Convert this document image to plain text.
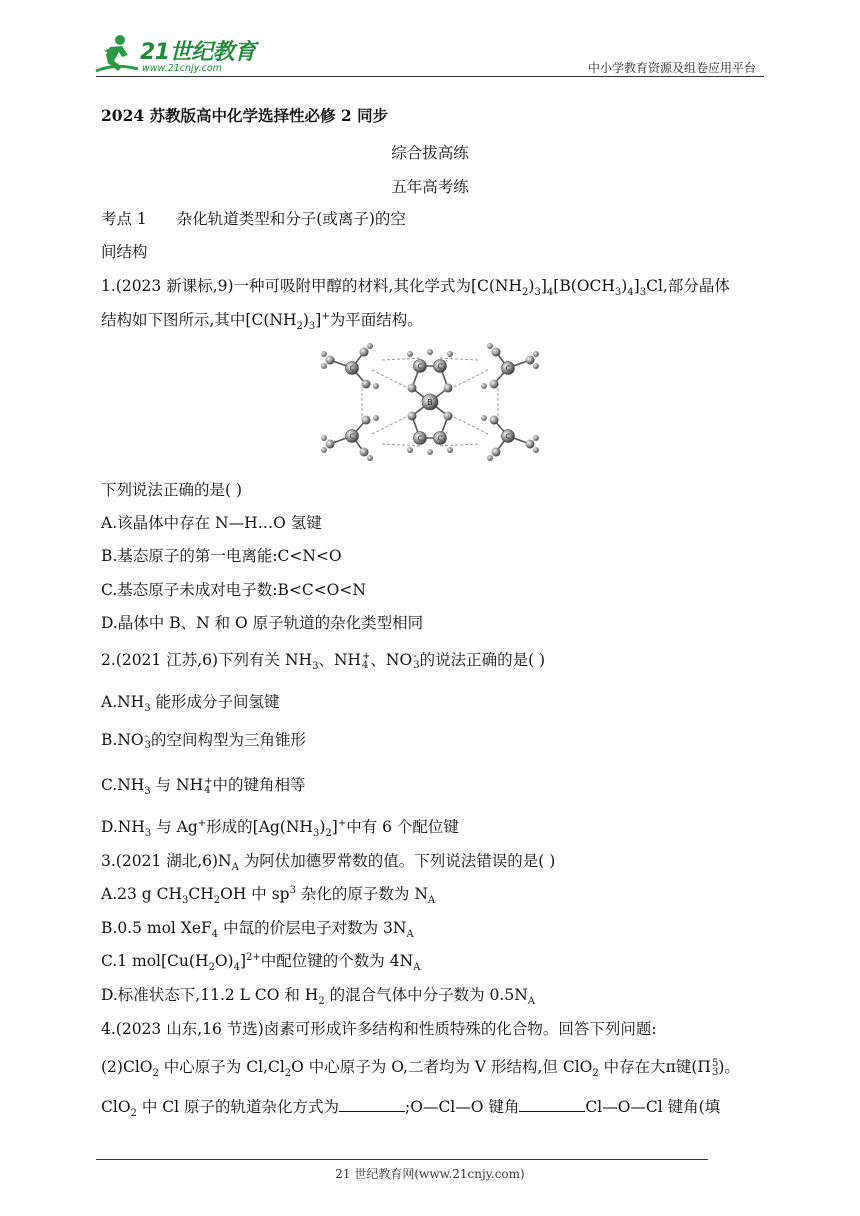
21世纪教育
www.21cnjy.com	中小学教育资源及组卷应用平台
2024 苏教版高中化学选择性必修 2 同步
综合拔高练
五年高考练
考点 1 杂化轨道类型和分子(或离子)的空
间结构
1.(2023 新课标,9)一种可吸附甲醇的材料,其化学式为$[C(NH_2)_3]_4[B(OCH_3)_4]_3Cl$,部分晶体
结构如下图所示,其中$[C(NH_2)_3]^+$为平面结构。
C
C
C
C
C C
C C
B
下列说法正确的是( )
A.该晶体中存在 N—H…O 氢键
B.基态原子的第一电离能:C<N<O
C.基态原子未成对电子数:B<C<O<N
D.晶体中 B、N 和 O 原子轨道的杂化类型相同
2.(2021 江苏,6)下列有关 $NH_3$、NH +
4 、NO -
3 的说法正确的是( )
$A.NH_3$ 能形成分子间氢键
B.NO -
3 的空间构型为三角锥形
$C.NH_3$ 与 NH +
4 中的键角相等
$D.NH_3$ 与 Ag+形成的$[Ag(NH_3)_2]^+$中有 6 个配位键
3.(2021 湖北$,6)N_A$ 为阿伏加德罗常数的值。下列说法错误的是( )
A.23 g $CH_3CH_2OH$ 中 $sp^3$ 杂化的原子数为 $N_A$
B.0.5 mol XeF$_4$ 中氙的价层电子对数为 $3N_A$
C.1 $mol[Cu(H_2O)_4]^{2+}$中配位键的个数为 $4N_A$
D.标准状态下,11.2 L CO 和 $H_2$ 的混合气体中分子数为 $0.5N_A$
4.(2023 山东,16 节选)卤素可形成许多结构和性质特殊的化合物。回答下列问题:
(2)ClO$_2$ 中心原子为 $Cl,Cl_2O$ 中心原子为 O,二者均为 V 形结构,但 ClO$_2$ 中存在大π键(Π 5
3 )。
ClO$_2$ 中 Cl 原子的轨道杂化方式为	;O—Cl—O 键角	Cl—O—Cl 键角(填
21 世纪教育网(www.21cnjy.com)
